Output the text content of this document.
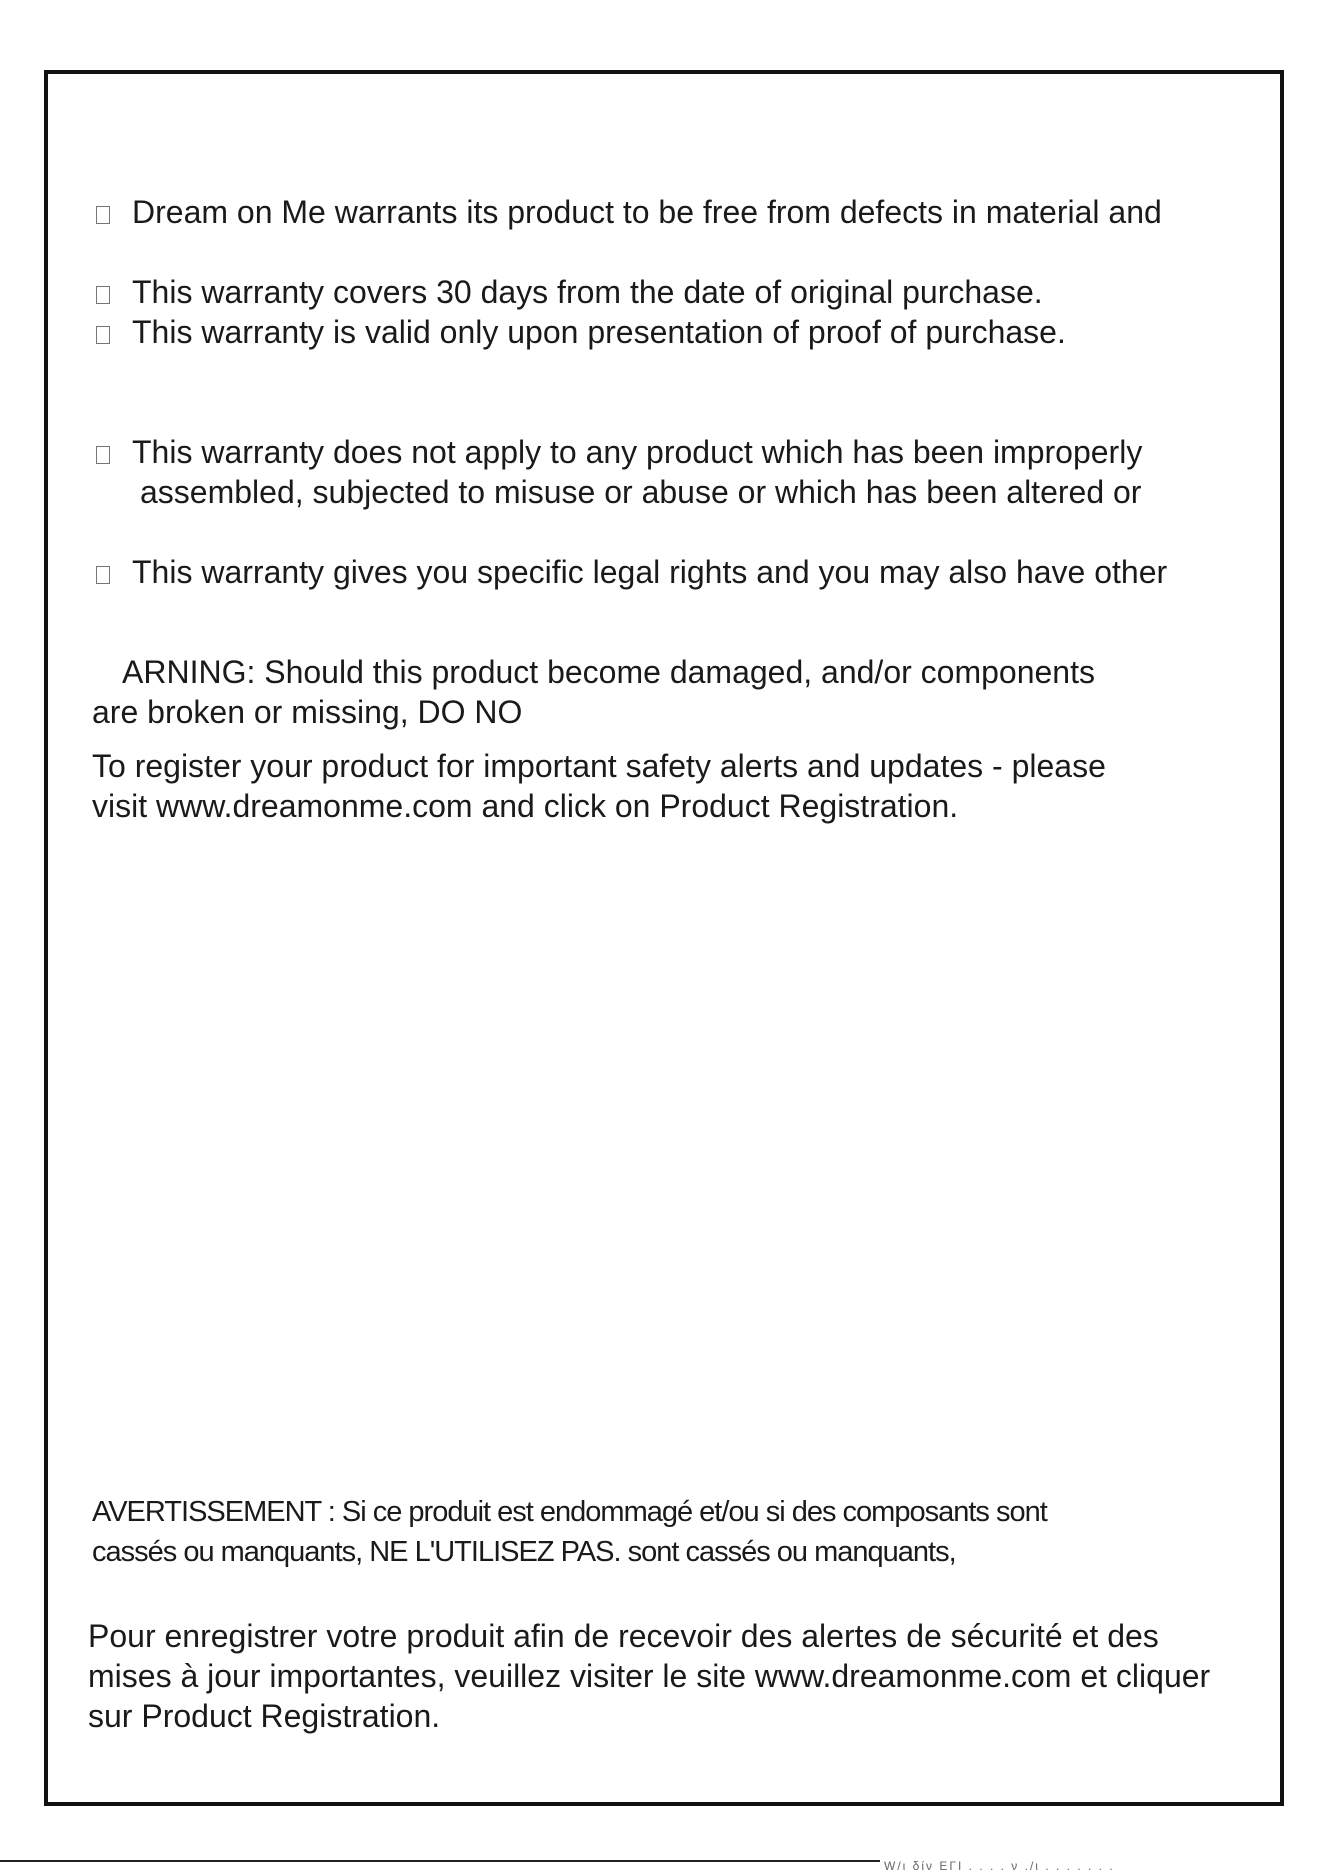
Dream on Me warrants its product to be free from defects in material and
This warranty covers 30 days from the date of original purchase.
This warranty is valid only upon presentation of proof of purchase.
This warranty does not apply to any product which has been improperly
assembled, subjected to misuse or abuse or which has been altered or
This warranty gives you specific legal rights and you may also have other
ARNING: Should this product become damaged, and/or components
are broken or missing, DO NO
To register your product for important safety alerts and updates - please
visit www.dreamonme.com and click on Product Registration.
AVERTISSEMENT : Si ce produit est endommagé et/ou si des composants sont
cassés ou manquants, NE L'UTILISEZ PAS. sont cassés ou manquants,
Pour enregistrer votre produit afin de recevoir des alertes de sécurité et des
mises à jour importantes, veuillez visiter le site www.dreamonme.com et cliquer
sur Product Registration.
W/ι δίν ΕΓΙ . . . . ν ./ι . . . . . . .
